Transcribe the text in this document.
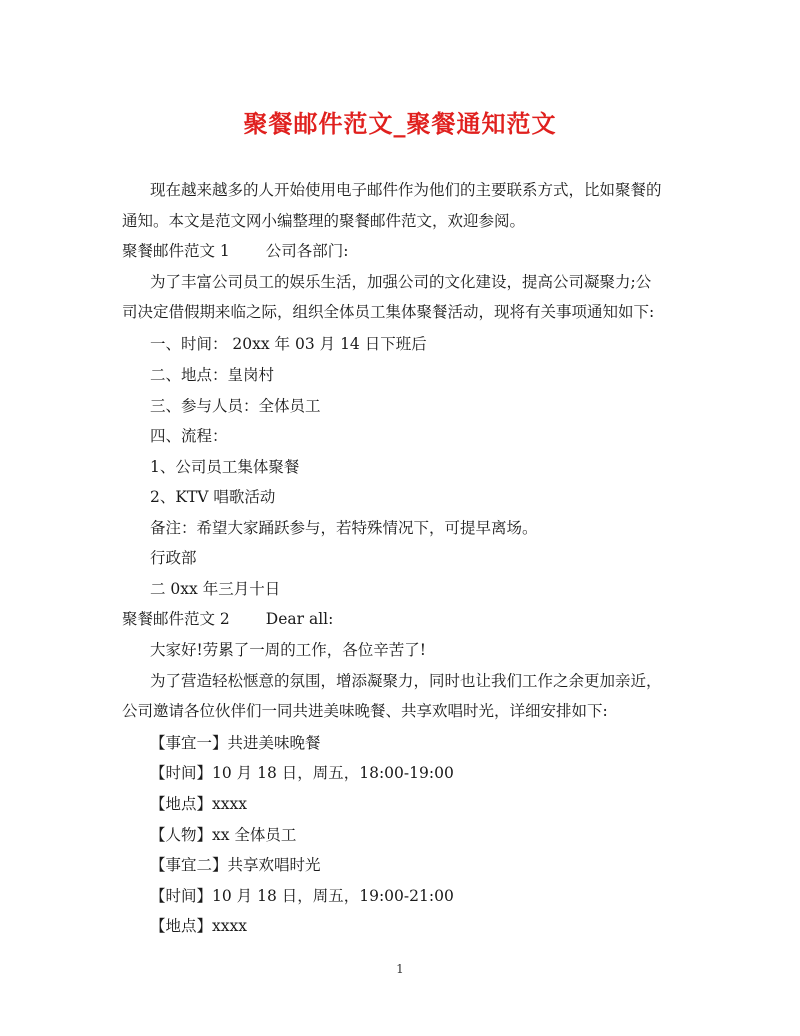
聚餐邮件范文_聚餐通知范文
现在越来越多的人开始使用电子邮件作为他们的主要联系方式，比如聚餐的
通知。本文是范文网小编整理的聚餐邮件范文，欢迎参阅。
聚餐邮件范文 1 公司各部门:
为了丰富公司员工的娱乐生活，加强公司的文化建设，提高公司凝聚力;公
司决定借假期来临之际，组织全体员工集体聚餐活动，现将有关事项通知如下:
一、时间： 20xx 年 03 月 14 日下班后
二、地点：皇岗村
三、参与人员：全体员工
四、流程：
1、公司员工集体聚餐
2、KTV 唱歌活动
备注：希望大家踊跃参与，若特殊情况下，可提早离场。
行政部
二 0xx 年三月十日
聚餐邮件范文 2 Dear all:
大家好!劳累了一周的工作，各位辛苦了!
为了营造轻松惬意的氛围，增添凝聚力，同时也让我们工作之余更加亲近，
公司邀请各位伙伴们一同共进美味晚餐、共享欢唱时光，详细安排如下:
【事宜一】共进美味晚餐
【时间】10 月 18 日，周五，18:00-19:00
【地点】xxxx
【人物】xx 全体员工
【事宜二】共享欢唱时光
【时间】10 月 18 日，周五，19:00-21:00
【地点】xxxx
1
